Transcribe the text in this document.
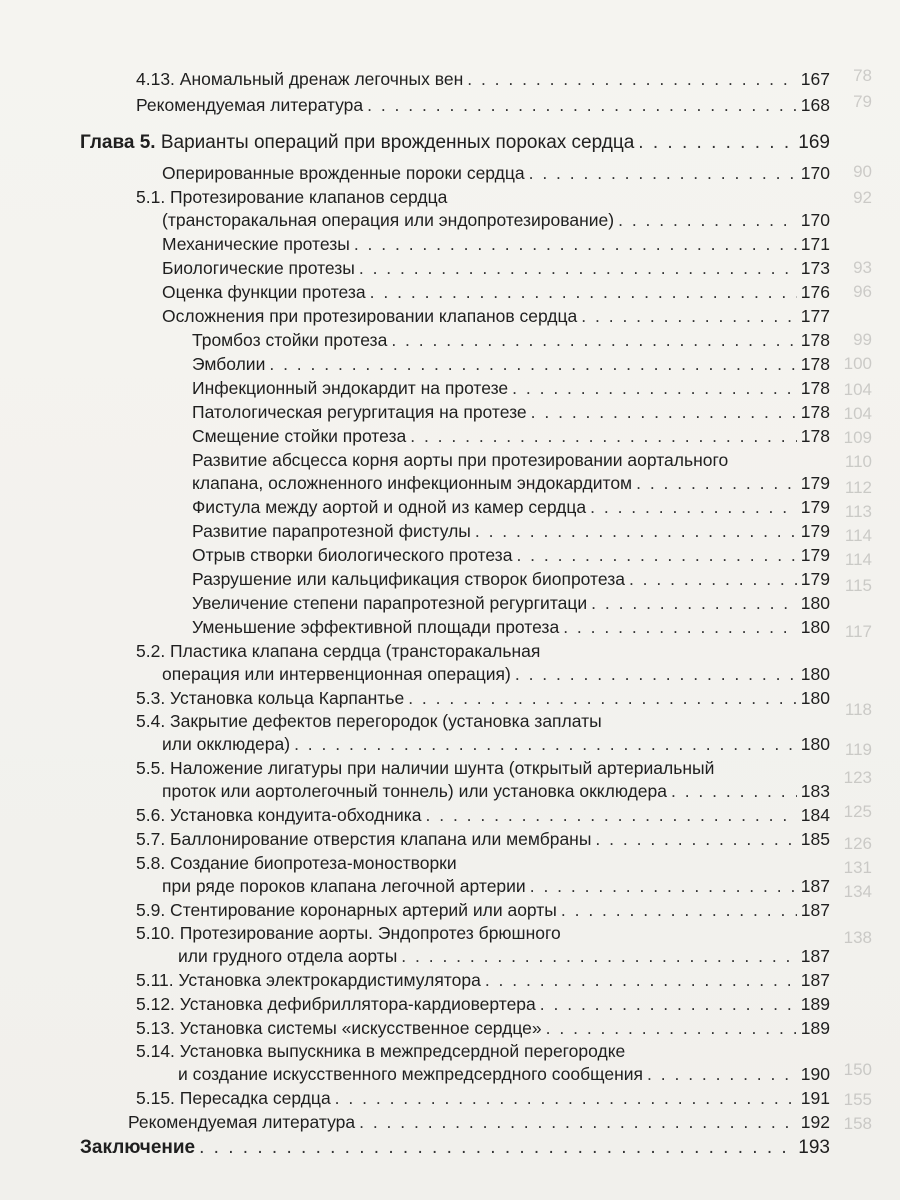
78
79
90
92
93
96
99
100
104
104
109
110
112
113
114
114
115
117
118
119
123
125
126
131
134
138
150
155
158
4.13. Аномальный дренаж легочных вен . . .	167
Рекомендуемая литература . . .	168
Глава 5. Варианты операций при врожденных пороках сердца . . .	169
Оперированные врожденные пороки сердца . . .	170
5.1. Протезирование клапанов сердца
(трансторакальная операция или эндопротезирование) . . .	170
Механические протезы . . .	171
Биологические протезы . . .	173
Оценка функции протеза . . .	176
Осложнения при протезировании клапанов сердца . . .	177
Тромбоз стойки протеза . . .	178
Эмболии . . .	178
Инфекционный эндокардит на протезе . . .	178
Патологическая регургитация на протезе . . .	178
Смещение стойки протеза . . .	178
Развитие абсцесса корня аорты при протезировании аортального
клапана, осложненного инфекционным эндокардитом . . .	179
Фистула между аортой и одной из камер сердца . . .	179
Развитие парапротезной фистулы . . .	179
Отрыв створки биологического протеза . . .	179
Разрушение или кальцификация створок биопротеза . . .	179
Увеличение степени парапротезной регургитаци . . .	180
Уменьшение эффективной площади протеза . . .	180
5.2. Пластика клапана сердца (трансторакальная
операция или интервенционная операция) . . .	180
5.3. Установка кольца Карпантье . . .	180
5.4. Закрытие дефектов перегородок (установка заплаты
или окклюдера) . . .	180
5.5. Наложение лигатуры при наличии шунта (открытый артериальный
проток или аортолегочный тоннель) или установка окклюдера . . .	183
5.6. Установка кондуита-обходника . . .	184
5.7. Баллонирование отверстия клапана или мембраны . . .	185
5.8. Создание биопротеза-моностворки
при ряде пороков клапана легочной артерии . . .	187
5.9. Стентирование коронарных артерий или аорты . . .	187
5.10. Протезирование аорты. Эндопротез брюшного
или грудного отдела аорты . . .	187
5.11. Установка электрокардистимулятора . . .	187
5.12. Установка дефибриллятора-кардиовертера . . .	189
5.13. Установка системы «искусственное сердце» . . .	189
5.14. Установка выпускника в межпредсердной перегородке
и создание искусственного межпредсердного сообщения . . .	190
5.15. Пересадка сердца . . .	191
Рекомендуемая литература . . .	192
Заключение . . .	193
